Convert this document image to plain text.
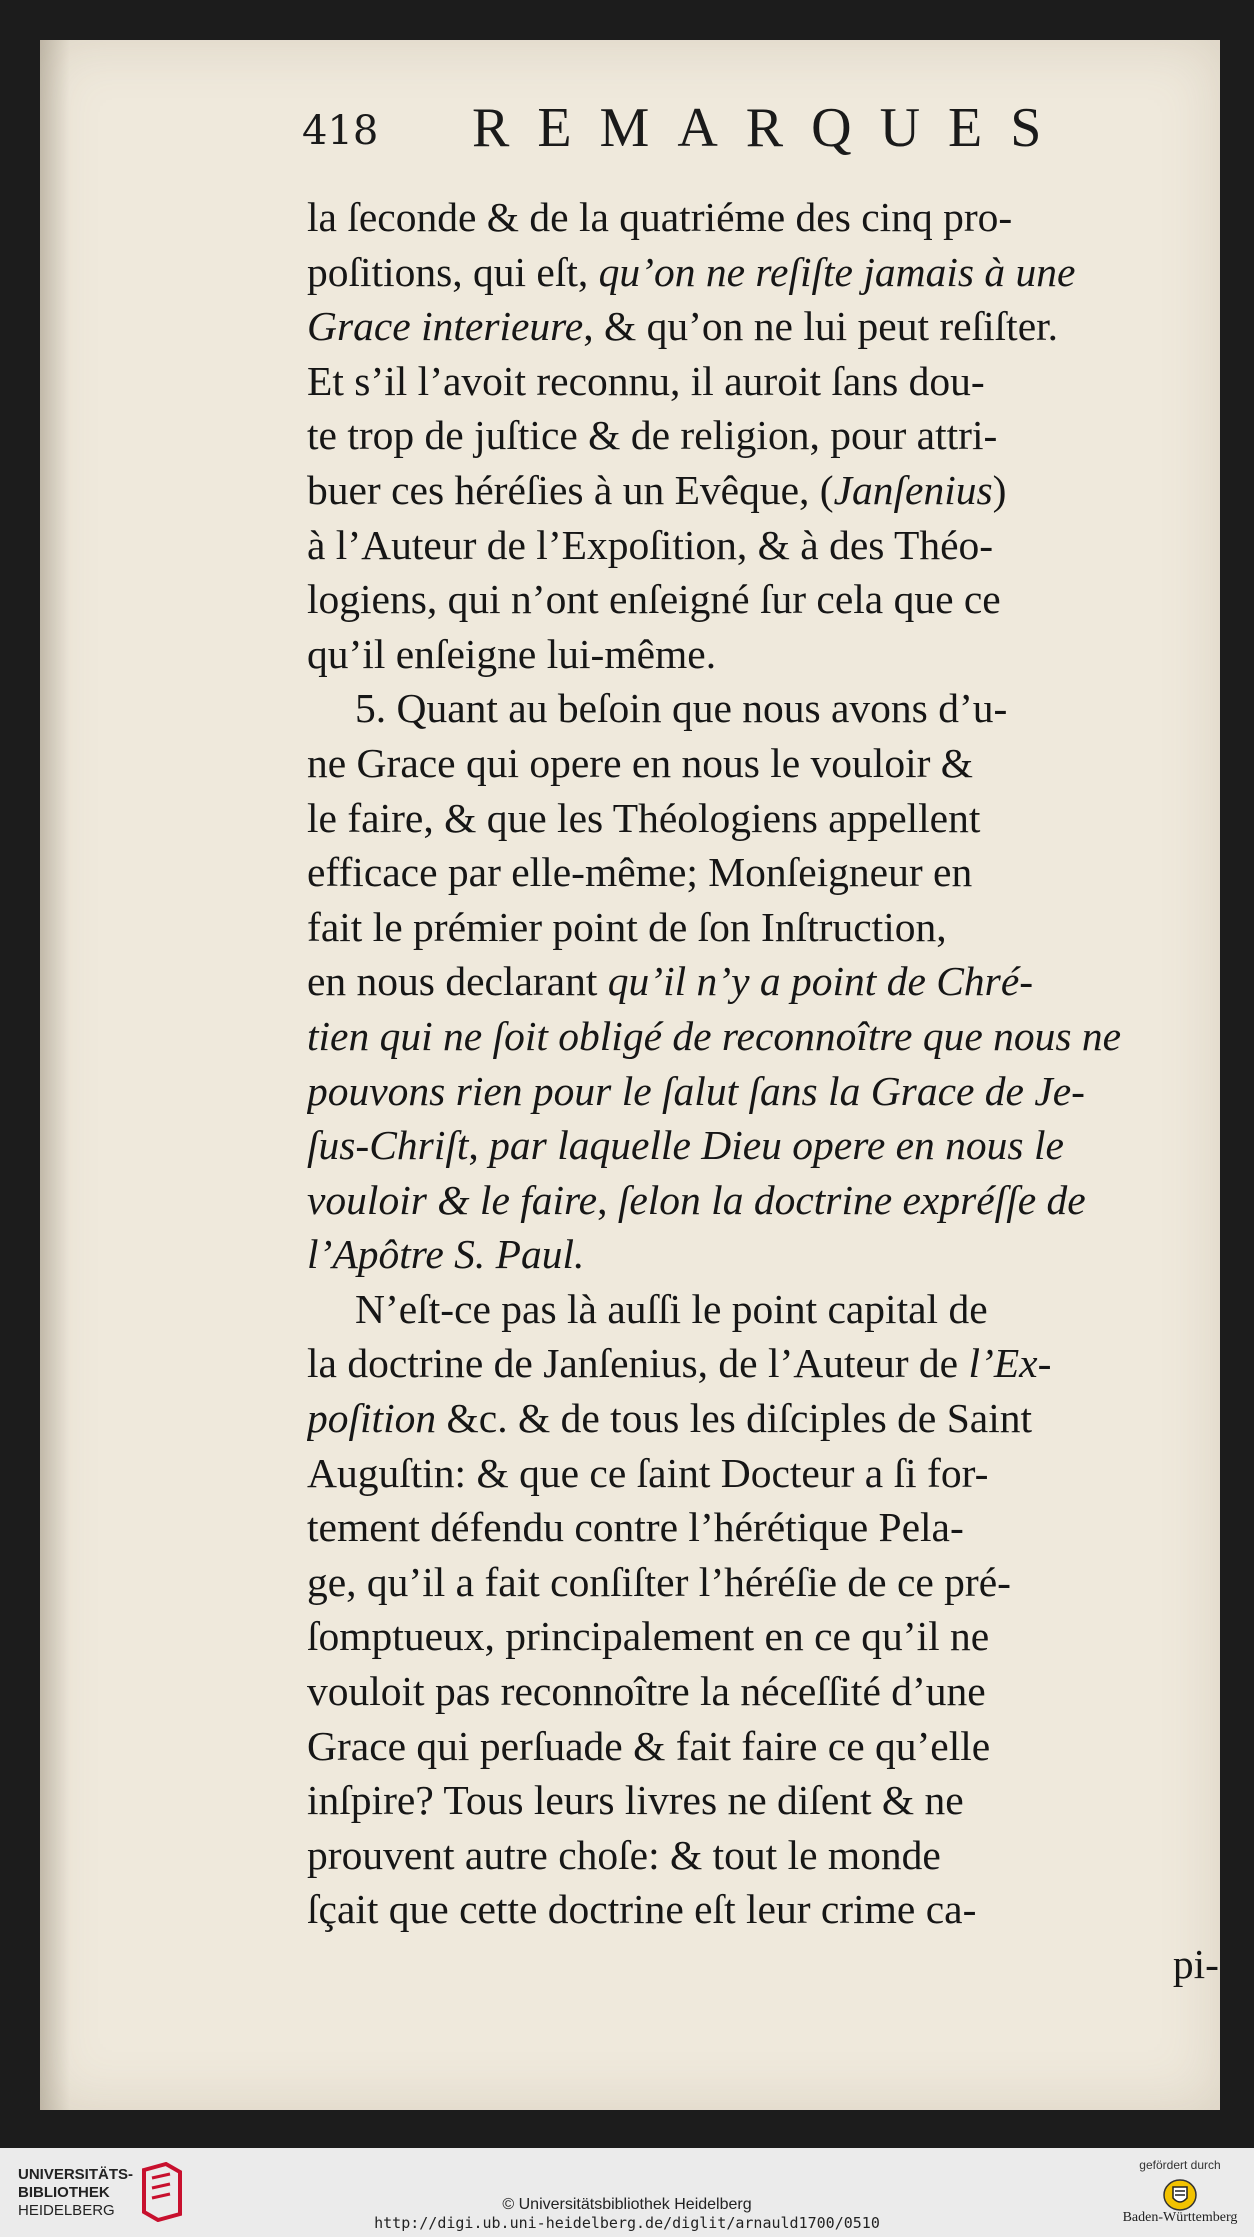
418 REMARQUES
la ſeconde & de la quatriéme des cinq pro-
poſitions, qui eſt, qu’on ne reſiſte jamais à une
Grace interieure, & qu’on ne lui peut reſiſter.
Et s’il l’avoit reconnu, il auroit ſans dou-
te trop de juſtice & de religion, pour attri-
buer ces héréſies à un Evêque, (Janſenius)
à l’Auteur de l’Expoſition, & à des Théo-
logiens, qui n’ont enſeigné ſur cela que ce
qu’il enſeigne lui-même.
5. Quant au beſoin que nous avons d’u-
ne Grace qui opere en nous le vouloir &
le faire, & que les Théologiens appellent
efficace par elle-même; Monſeigneur en
fait le prémier point de ſon Inſtruction,
en nous declarant qu’il n’y a point de Chré-
tien qui ne ſoit obligé de reconnoître que nous ne
pouvons rien pour le ſalut ſans la Grace de Je-
ſus-Chriſt, par laquelle Dieu opere en nous le
vouloir & le faire, ſelon la doctrine expréſſe de
l’Apôtre S. Paul.
N’eſt-ce pas là auſſi le point capital de
la doctrine de Janſenius, de l’Auteur de l’Ex-
poſition &c. & de tous les diſciples de Saint
Auguſtin: & que ce ſaint Docteur a ſi for-
tement défendu contre l’hérétique Pela-
ge, qu’il a fait conſiſter l’héréſie de ce pré-
ſomptueux, principalement en ce qu’il ne
vouloit pas reconnoître la néceſſité d’une
Grace qui perſuade & fait faire ce qu’elle
inſpire? Tous leurs livres ne diſent & ne
prouvent autre choſe: & tout le monde
ſçait que cette doctrine eſt leur crime ca-
pi-
UNIVERSITÄTS-
BIBLIOTHEK
HEIDELBERG	© Universitätsbibliothek Heidelberg
http://digi.ub.uni-heidelberg.de/diglit/arnauld1700/0510
gefördert durch
Baden-Württemberg
